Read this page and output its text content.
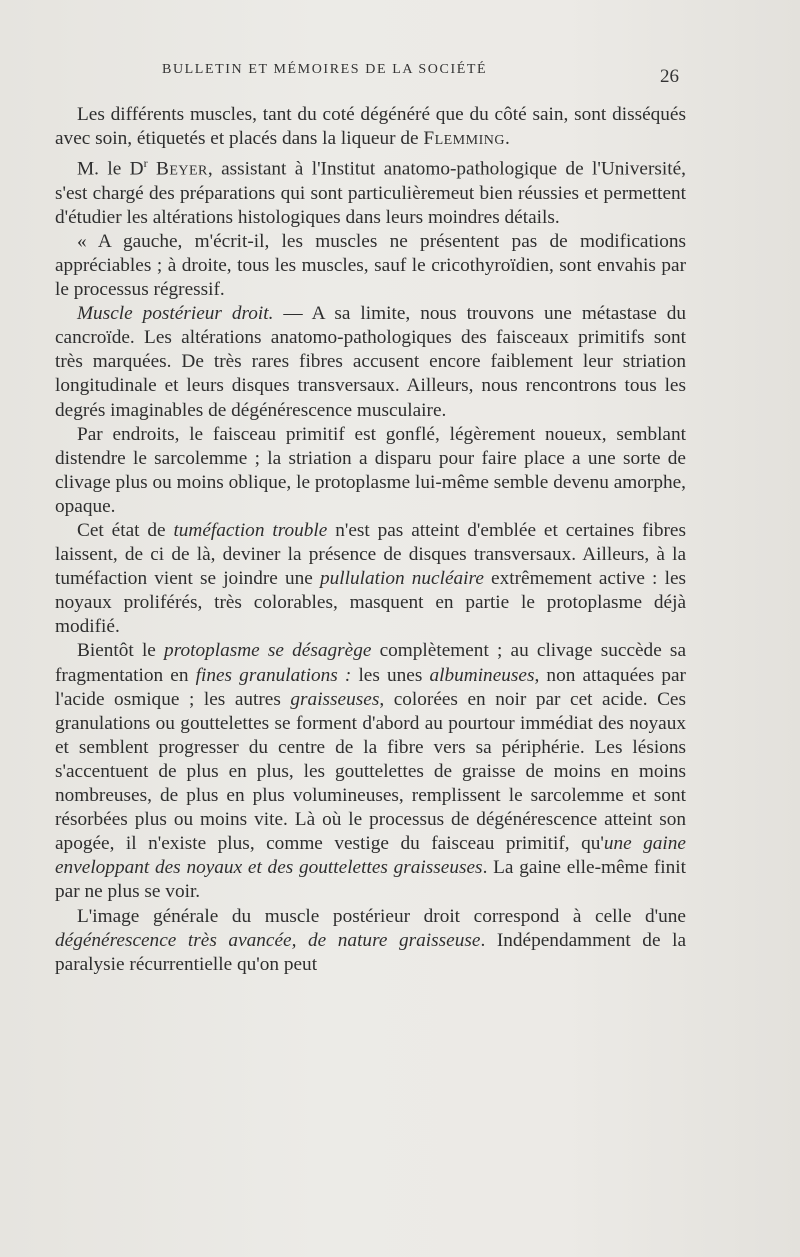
BULLETIN ET MÉMOIRES DE LA SOCIÉTÉ	26

Les différents muscles, tant du coté dégénéré que du côté sain, sont disséqués avec soin, étiquetés et placés dans la liqueur de Flemming.

M. le $D^r$ Beyer, assistant à l'Institut anatomo-pathologique de l'Université, s'est chargé des préparations qui sont particulièremeut bien réussies et permettent d'étudier les altérations histologiques dans leurs moindres détails.

« A gauche, m'écrit-il, les muscles ne présentent pas de modifications appréciables ; à droite, tous les muscles, sauf le cricothyroïdien, sont envahis par le processus régressif.

Muscle postérieur droit. — A sa limite, nous trouvons une métastase du cancroïde. Les altérations anatomo-pathologiques des faisceaux primitifs sont très marquées. De très rares fibres accusent encore faiblement leur striation longitudinale et leurs disques transversaux. Ailleurs, nous rencontrons tous les degrés imaginables de dégénérescence musculaire.

Par endroits, le faisceau primitif est gonflé, légèrement noueux, semblant distendre le sarcolemme ; la striation a disparu pour faire place a une sorte de clivage plus ou moins oblique, le protoplasme lui-même semble devenu amorphe, opaque.

Cet état de tuméfaction trouble n'est pas atteint d'emblée et certaines fibres laissent, de ci de là, deviner la présence de disques transversaux. Ailleurs, à la tuméfaction vient se joindre une pullulation nucléaire extrêmement active : les noyaux proliférés, très colorables, masquent en partie le protoplasme déjà modifié.

Bientôt le protoplasme se désagrège complètement ; au clivage succède sa fragmentation en fines granulations : les unes albumineuses, non attaquées par l'acide osmique ; les autres graisseuses, colorées en noir par cet acide. Ces granulations ou gouttelettes se forment d'abord au pourtour immédiat des noyaux et semblent progresser du centre de la fibre vers sa périphérie. Les lésions s'accentuent de plus en plus, les gouttelettes de graisse de moins en moins nombreuses, de plus en plus volumineuses, remplissent le sarcolemme et sont résorbées plus ou moins vite. Là où le processus de dégénérescence atteint son apogée, il n'existe plus, comme vestige du faisceau primitif, qu'une gaine enveloppant des noyaux et des gouttelettes graisseuses. La gaine elle-même finit par ne plus se voir.

L'image générale du muscle postérieur droit correspond à celle d'une dégénérescence très avancée, de nature graisseuse. Indépendamment de la paralysie récurrentielle qu'on peut
